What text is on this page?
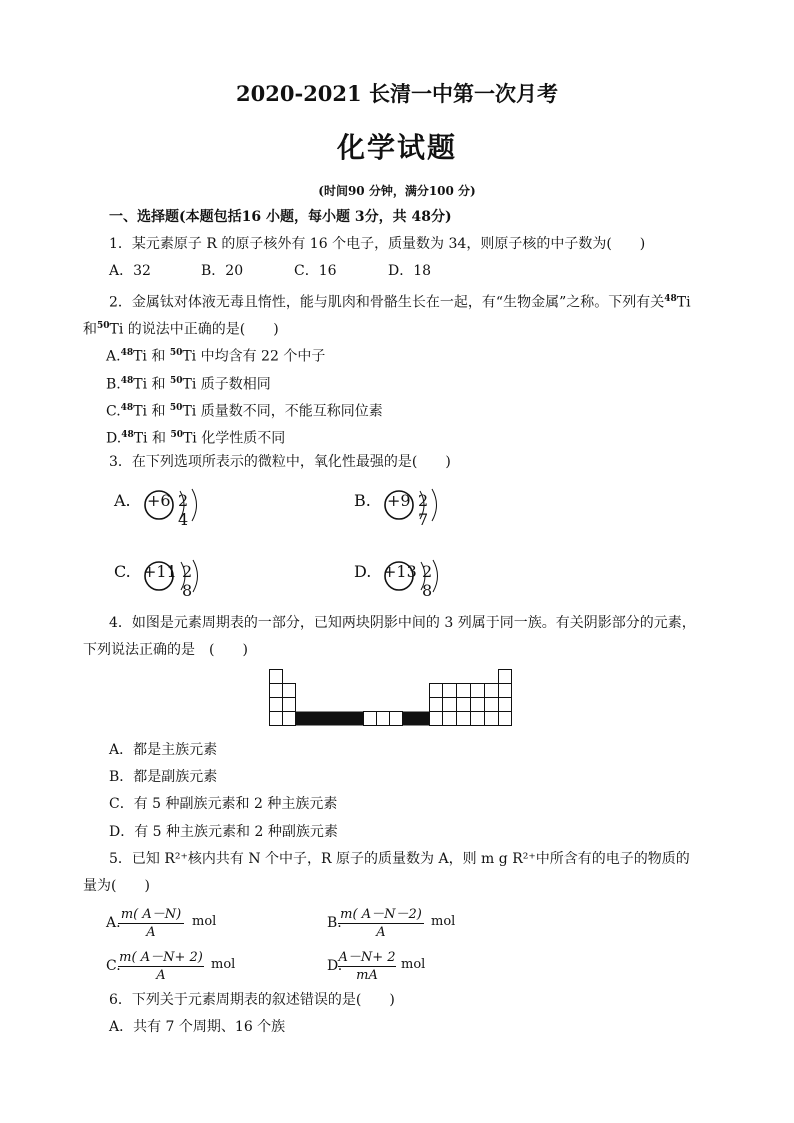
2020-2021 长清一中第一次月考
化学试题
(时间90 分钟，满分100 分)
一、选择题(本题包括16 小题，每小题 3分，共 48分)
1．某元素原子 R 的原子核外有 16 个电子，质量数为 34，则原子核的中子数为(　　)
A．32	B．20	C．16	D．18
2．金属钛对体液无毒且惰性，能与肌肉和骨骼生长在一起，有“生物金属”之称。下列有关$^{48}$Ti
和$^{50}$Ti 的说法中正确的是(　　)
A.$^{48}$Ti 和 $^{50}$Ti 中均含有 22 个中子
B.$^{48}$Ti 和 $^{50}$Ti 质子数相同
C.$^{48}$Ti 和 $^{50}$Ti 质量数不同，不能互称同位素
D.$^{48}$Ti 和 $^{50}$Ti 化学性质不同
3．在下列选项所表示的微粒中，氧化性最强的是(　　)
A. +6 2 4
B. +9 2 7
C. +11 2 8
D. +13 2 8
4．如图是元素周期表的一部分，已知两块阴影中间的 3 列属于同一族。有关阴影部分的元素，
下列说法正确的是　(　　)
A．都是主族元素
B．都是副族元素
C．有 5 种副族元素和 2 种主族元素
D．有 5 种主族元素和 2 种副族元素
5．已知 R²⁺核内共有 N 个中子，R 原子的质量数为 A，则 m g R²⁺中所含有的电子的物质的
量为(　　)
A.
m( A－N)
A
mol	B.
m( A－N－2)
A
mol
C.
m( A－N+ 2)
A
mol	D.
A－N+ 2
mA
mol
6．下列关于元素周期表的叙述错误的是(　　)
A．共有 7 个周期、16 个族
